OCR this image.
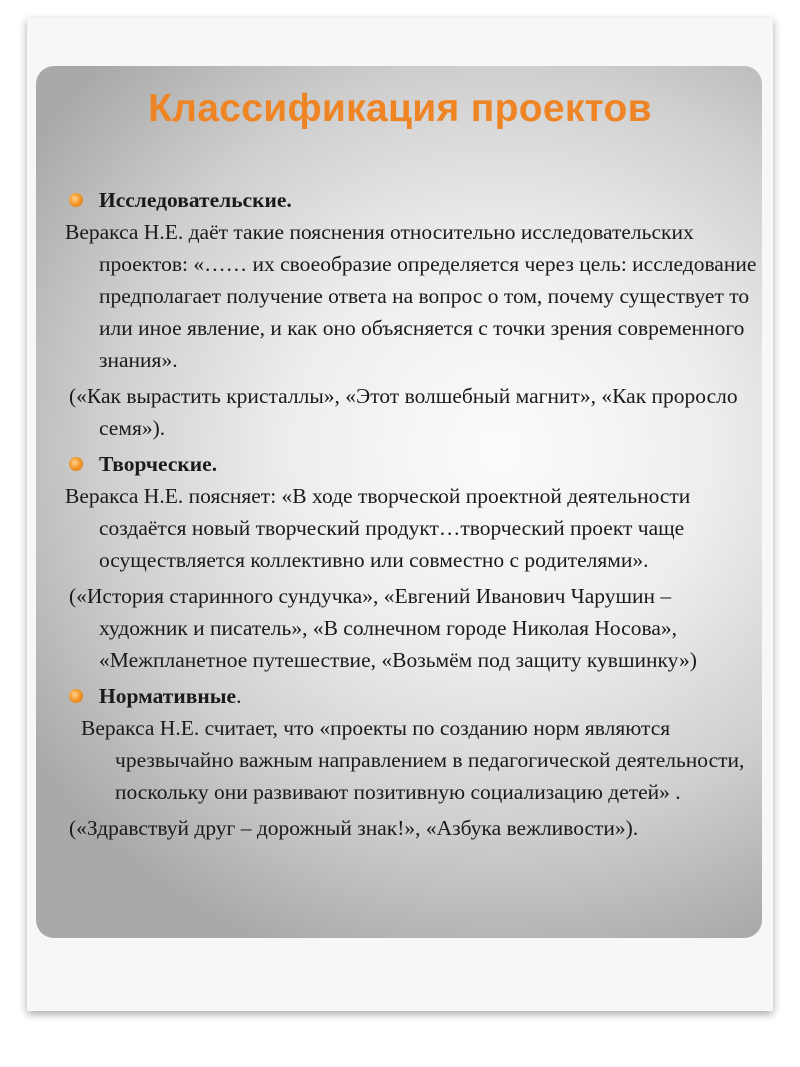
Классификация проектов

Исследовательские.

Веракса Н.Е. даёт такие пояснения относительно исследовательских проектов: «…… их своеобразие определяется через цель: исследование предполагает получение ответа на вопрос о том, почему существует то или иное явление, и как оно объясняется с точки зрения современного знания».

(«Как вырастить кристаллы», «Этот волшебный магнит», «Как проросло семя»).

Творческие.

Веракса Н.Е. поясняет: «В ходе творческой проектной деятельности создаётся новый творческий продукт…творческий проект чаще осуществляется коллективно или совместно с родителями».

(«История старинного сундучка», «Евгений Иванович Чарушин – художник и писатель», «В солнечном городе Николая Носова», «Межпланетное путешествие, «Возьмём под защиту кувшинку»)

Нормативные.

Веракса Н.Е. считает, что «проекты по созданию норм являются чрезвычайно важным направлением в педагогической деятельности, поскольку они развивают позитивную социализацию детей» .

(«Здравствуй друг – дорожный знак!», «Азбука вежливости»).
